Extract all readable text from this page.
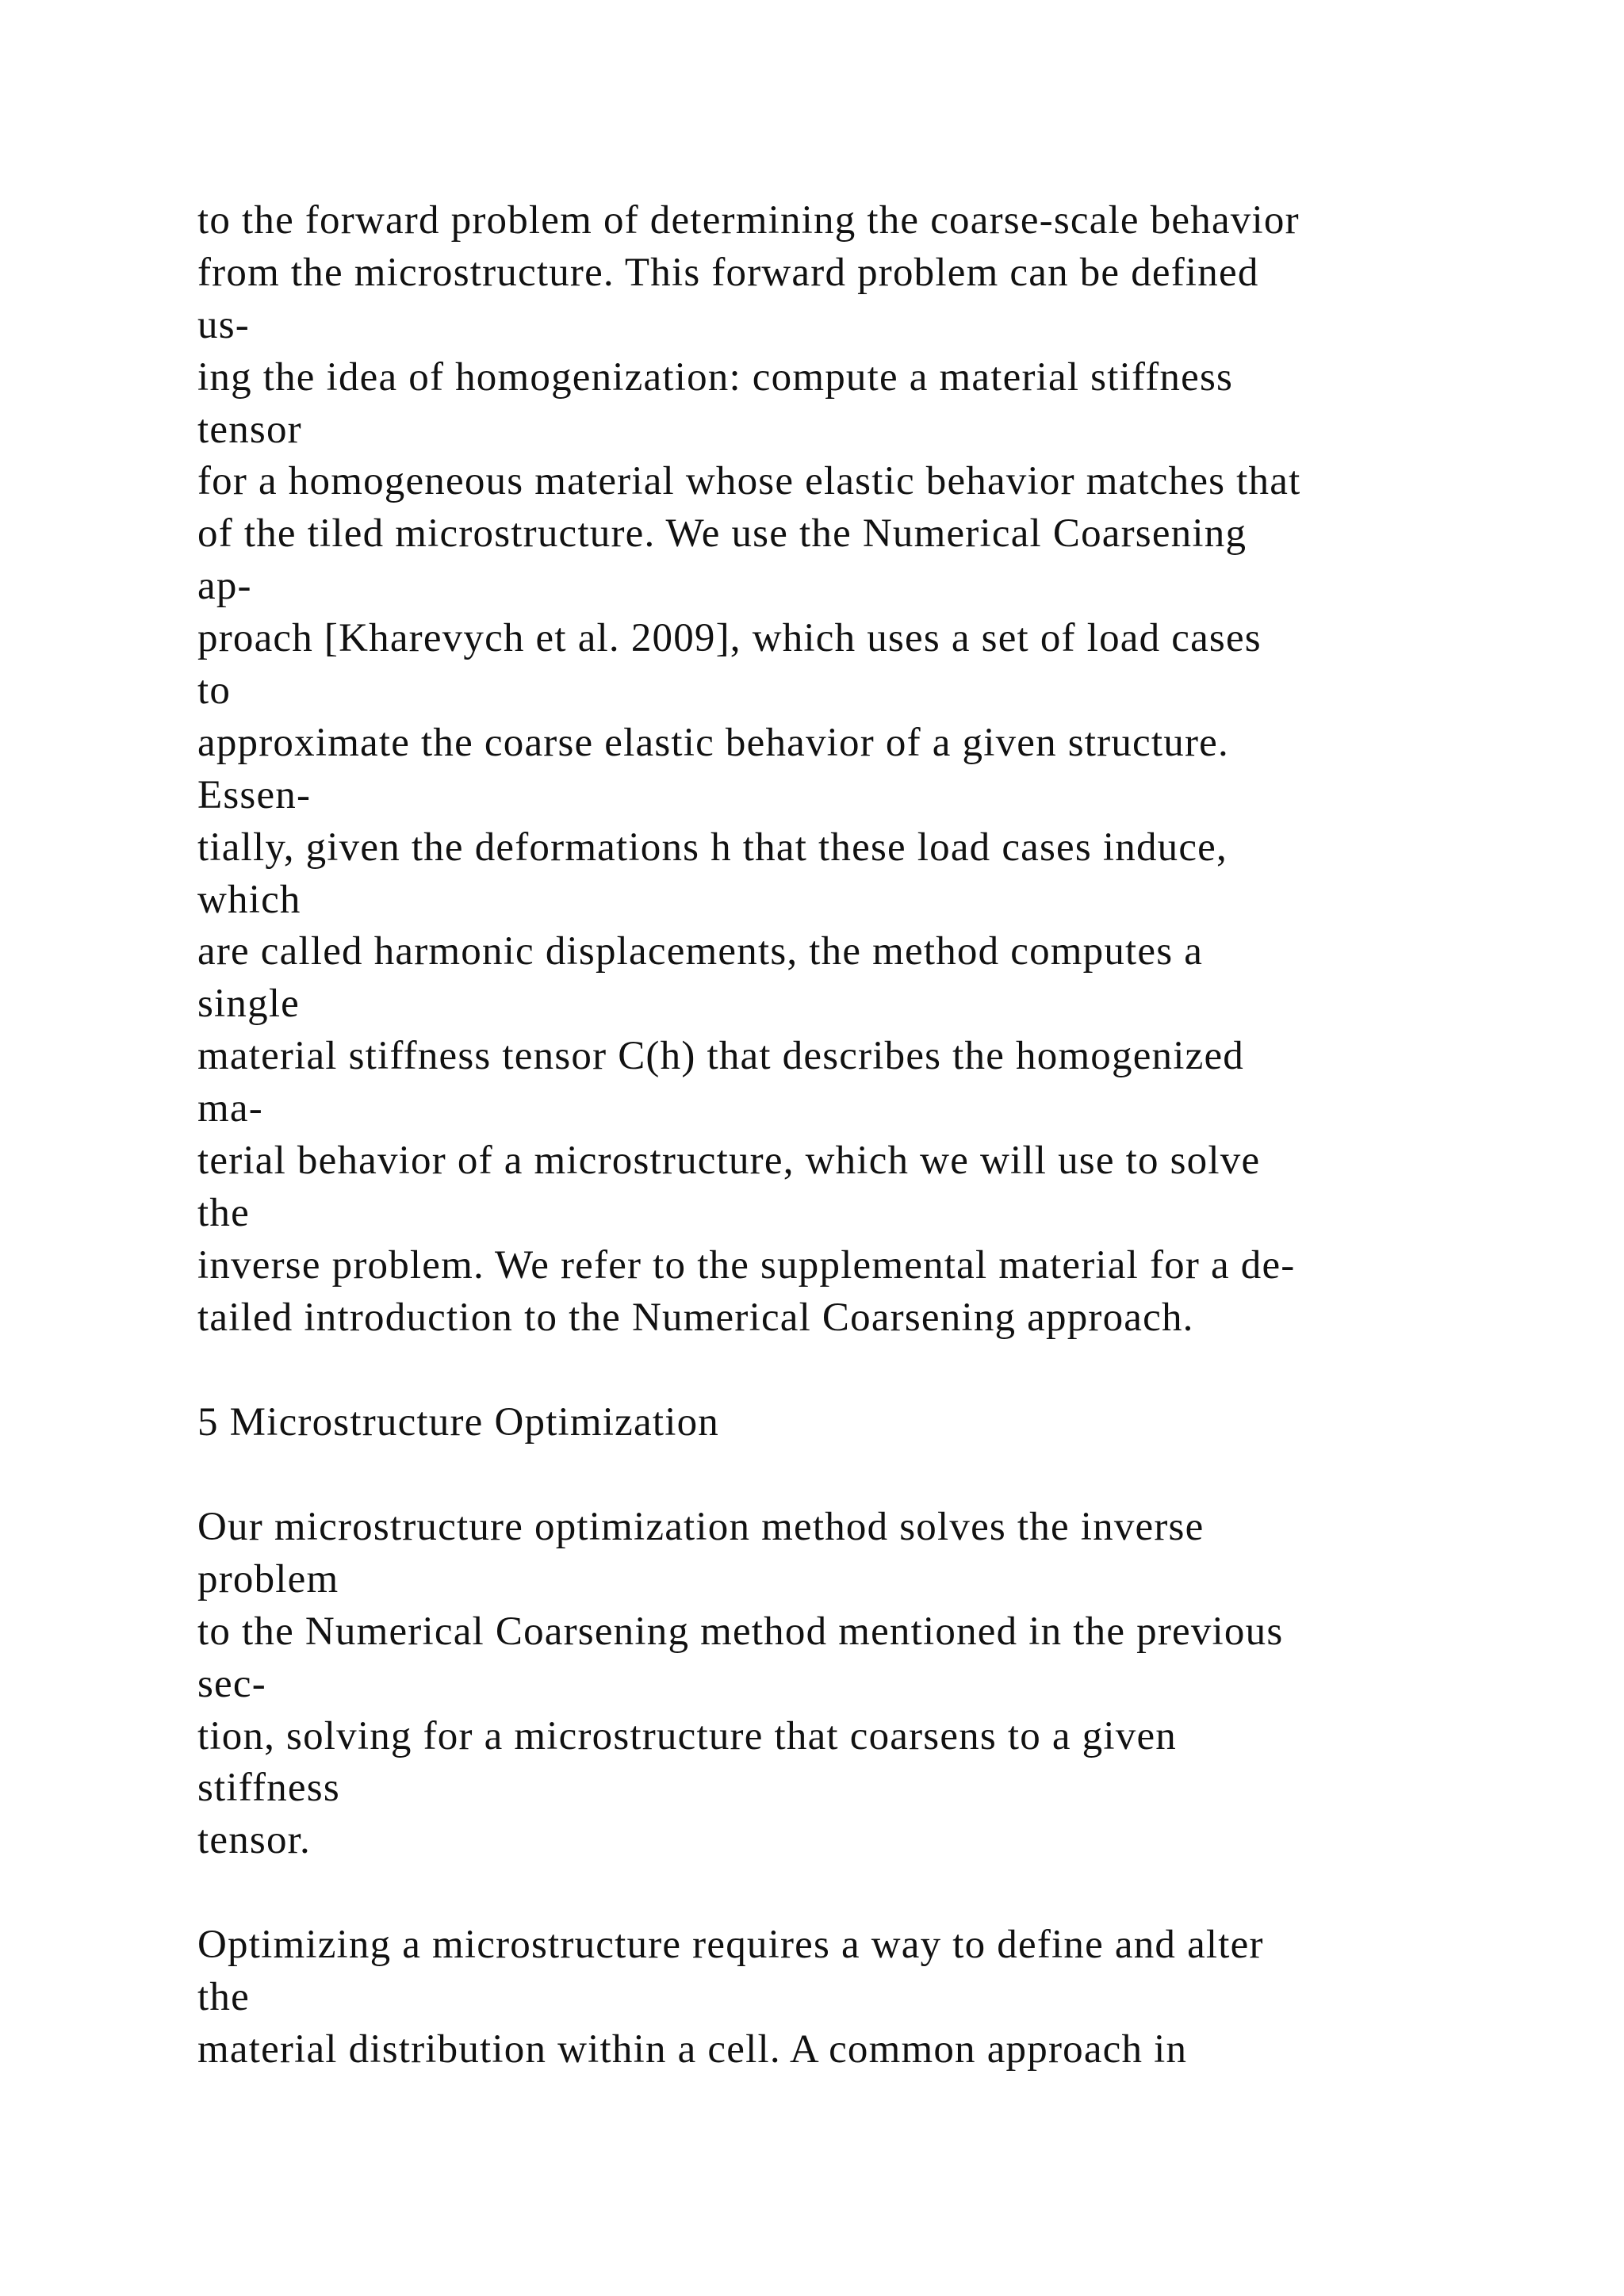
to the forward problem of determining the coarse-scale behavior
from the microstructure. This forward problem can be defined
us-
ing the idea of homogenization: compute a material stiffness
tensor
for a homogeneous material whose elastic behavior matches that
of the tiled microstructure. We use the Numerical Coarsening
ap-
proach [Kharevych et al. 2009], which uses a set of load cases
to
approximate the coarse elastic behavior of a given structure.
Essen-
tially, given the deformations h that these load cases induce,
which
are called harmonic displacements, the method computes a
single
material stiffness tensor C(h) that describes the homogenized
ma-
terial behavior of a microstructure, which we will use to solve
the
inverse problem. We refer to the supplemental material for a de-
tailed introduction to the Numerical Coarsening approach.
5 Microstructure Optimization
Our microstructure optimization method solves the inverse
problem
to the Numerical Coarsening method mentioned in the previous
sec-
tion, solving for a microstructure that coarsens to a given
stiffness
tensor.
Optimizing a microstructure requires a way to define and alter
the
material distribution within a cell. A common approach in
